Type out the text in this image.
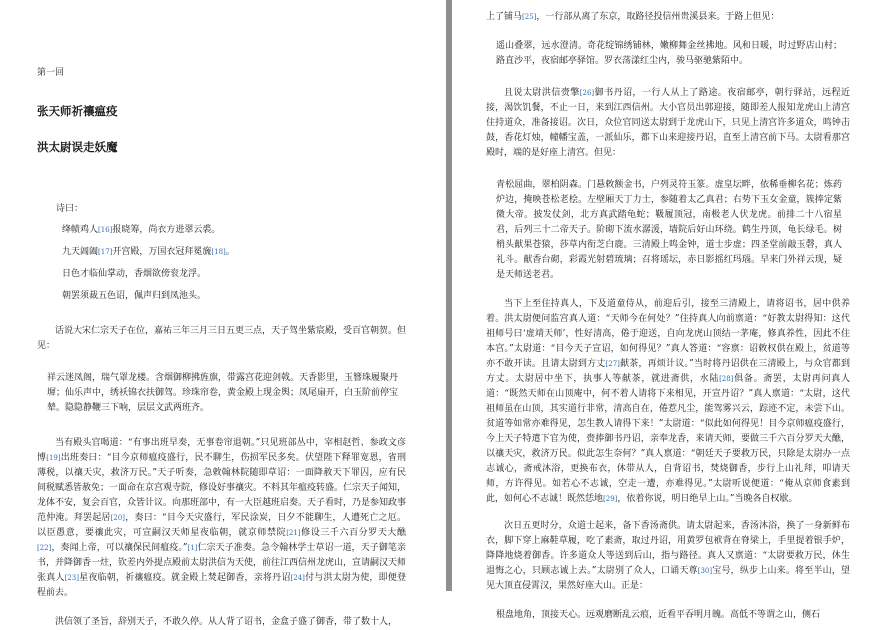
第一回

张天师祈禳瘟疫

洪太尉误走妖魔

诗曰：

绛帻鸡人[16]报晓筹，尚衣方进翠云裘。

九天阊阖[17]开宫殿，万国衣冠拜冕旒[18]。

日色才临仙掌动，香烟欲傍衮龙浮。

朝罢须裁五色诏，佩声归到凤池头。

话说大宋仁宗天子在位，嘉祐三年三月三日五更三点，天子驾坐紫宸殿，受百官朝贺。但见：

祥云迷凤阁，瑞气罩龙楼。含烟御柳拂旌旗，带露宫花迎剑戟。天香影里，玉簪珠履聚丹墀；仙乐声中，绣袄锦衣扶御驾。珍珠帘卷，黄金殿上现金舆；凤尾扇开，白玉阶前停宝辇。隐隐静鞭三下响，层层文武两班齐。

当有殿头官喝道：“有事出班早奏，无事卷帘退朝。”只见班部丛中，宰相赵哲、参政文彦博[19]出班奏曰：“目今京师瘟疫盛行，民不聊生，伤损军民多矣。伏望陛下释罪宽恩，省刑薄税，以禳天灾，救济万民。”天子听奏，急敕翰林院随即草诏：一面降赦天下罪囚，应有民间税赋悉皆赦免；一面命在京宫观寺院，修设好事禳灾。不料其年瘟疫转盛。仁宗天子闻知，龙体不安，复会百官，众皆计议。向那班部中，有一大臣越班启奏。天子看时，乃是参知政事范仲淹。拜罢起居[20]，奏曰：“目今天灾盛行，军民涂炭，日夕不能聊生，人遭死亡之厄。以臣愚意，要禳此灾，可宣嗣汉天师星夜临朝，就京师禁院[21]修设三千六百分罗天大醮[22]，奏闻上帝，可以禳保民间瘟疫。”[1]仁宗天子准奏。急令翰林学士草诏一道，天子御笔亲书，并降御香一炷，钦差内外提点殿前太尉洪信为天使，前往江西信州龙虎山，宣请嗣汉天师张真人[23]星夜临朝，祈禳瘟疫。就金殿上焚起御香，亲将丹诏[24]付与洪太尉为使，即便登程前去。

洪信领了圣旨，辞别天子，不敢久停。从人背了诏书，金盒子盛了御香，带了数十人，

上了铺马[25]，一行部从离了东京，取路径投信州贵溪县来。于路上但见：

遥山叠翠，远水澄清。奇花绽锦绣铺林，嫩柳舞金丝拂地。风和日暖，时过野店山村；路直沙平，夜宿邮亭驿馆。罗衣荡漾红尘内，骏马驱驰紫陌中。

且说太尉洪信赍擎[26]御书丹诏，一行人从上了路途。夜宿邮亭，朝行驿站，远程近接，渴饮饥餐，不止一日，来到江西信州。大小官员出郭迎接，随即差人报知龙虎山上清宫住持道众，准备接诏。次日，众位官同送太尉到于龙虎山下，只见上清宫许多道众，鸣钟击鼓，香花灯烛，幢幡宝盖，一派仙乐，都下山来迎接丹诏，直至上清宫前下马。太尉看那宫殿时，端的是好座上清宫。但见：

青松屈曲，翠柏阴森。门悬敕额金书，户列灵符玉篆。虚皇坛畔，依稀垂柳名花；炼药炉边，掩映苍松老桧。左壁厢天丁力士，参随着太乙真君；右势下玉女金童，簇捧定紫微大帝。披发仗剑，北方真武踏龟蛇；靸履顶冠，南极老人伏龙虎。前排二十八宿星君，后列三十二帝天子。阶砌下流水潺湲，墙院后好山环绕。鹤生丹顶，龟长绿毛。树梢头献果苍猿，莎草内衔芝白鹿。三清殿上鸣金钟，道士步虚；四圣堂前敲玉磬，真人礼斗。献香台砌，彩霞光射碧琉璃；召将瑶坛，赤日影摇红玛瑙。早来门外祥云现，疑是天师送老君。

当下上至住持真人，下及道童侍从，前迎后引，接至三清殿上，请将诏书，居中供养着。洪太尉便问监宫真人道：“天师今在何处？”住持真人向前禀道：“好教太尉得知：这代祖师号曰‘虚靖天师’，性好清高，倦于迎送，自向龙虎山顶结一茅庵，修真养性，因此不住本宫。”太尉道：“目今天子宣诏，如何得见？”真人答道：“容禀：诏敕权供在殿上，贫道等亦不敢开读。且请太尉到方丈[27]献茶，再烦计议。”当时将丹诏供在三清殿上，与众官都到方丈。太尉居中坐下，执事人等献茶，就进斋供，水陆[28]俱备。斋罢，太尉再问真人道：“既然天师在山顶庵中，何不着人请将下来相见，开宣丹诏？”真人禀道：“太尉，这代祖师虽在山顶，其实道行非常，清高自在，倦惹凡尘，能驾雾兴云，踪迹不定，未尝下山。贫道等如常亦难得见，怎生教人请得下来！”太尉道：“似此如何得见！目今京师瘟疫盛行，今上天子特遣下官为使，赍捧御书丹诏，亲奉龙香，来请天师，要做三千六百分罗天大醮，以禳天灾，救济万民。似此怎生奈何？”真人禀道：“朝廷天子要救万民，只除是太尉办一点志诚心，斋戒沐浴，更换布衣，休带从人，自背诏书，焚烧御香，步行上山礼拜，叩请天师，方许得见。如若心不志诚，空走一遭，亦难得见。”太尉听说便道：“俺从京师食素到此，如何心不志诚！既然恁地[29]，依着你说，明日绝早上山。”当晚各自权歇。

次日五更时分，众道士起来，备下香汤斋供。请太尉起来，香汤沐浴，换了一身新鲜布衣，脚下穿上麻鞋草履，吃了素斋，取过丹诏，用黄罗包袱背在脊梁上，手里提着银手炉，降降地烧着御香。许多道众人等送到后山，指与路径。真人又禀道：“太尉要救万民，休生退悔之心，只顾志诚上去。”太尉别了众人，口诵天尊[30]宝号，纵步上山来。将至半山，望见大顶直侵霄汉，果然好座大山。正是：

根盘地角，顶接天心。远观磨断乱云痕，近看平吞明月魄。高低不等谓之山，侧石
